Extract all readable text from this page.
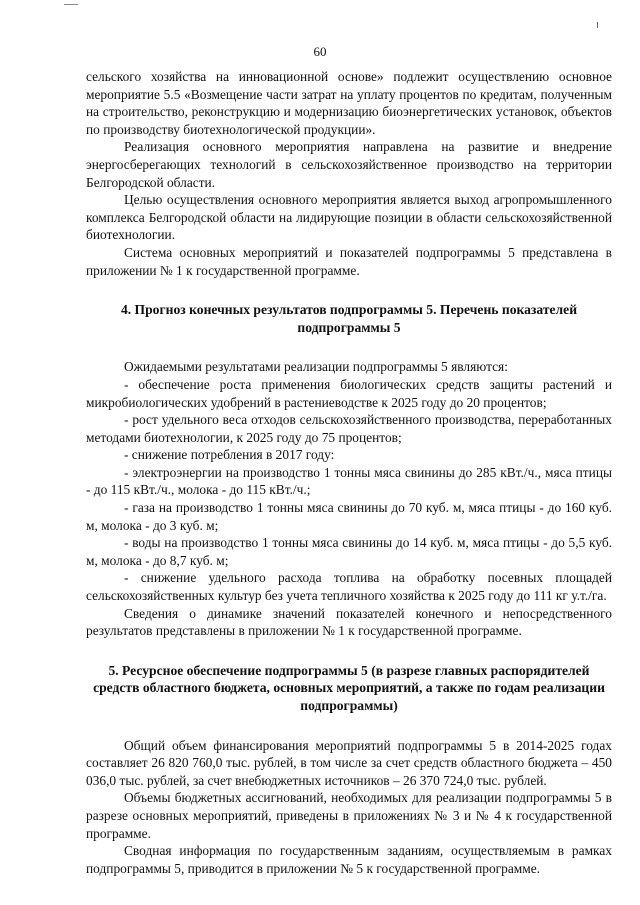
60

сельского хозяйства на инновационной основе» подлежит осуществлению основное мероприятие 5.5 «Возмещение части затрат на уплату процентов по кредитам, полученным на строительство, реконструкцию и модернизацию биоэнергетических установок, объектов по производству биотехнологической продукции».

Реализация основного мероприятия направлена на развитие и внедрение энергосберегающих технологий в сельскохозяйственное производство на территории Белгородской области.

Целью осуществления основного мероприятия является выход агропромышленного комплекса Белгородской области на лидирующие позиции в области сельскохозяйственной биотехнологии.

Система основных мероприятий и показателей подпрограммы 5 представлена в приложении № 1 к государственной программе.

4. Прогноз конечных результатов подпрограммы 5. Перечень показателей подпрограммы 5

Ожидаемыми результатами реализации подпрограммы 5 являются:

- обеспечение роста применения биологических средств защиты растений и микробиологических удобрений в растениеводстве к 2025 году до 20 процентов;

- рост удельного веса отходов сельскохозяйственного производства, переработанных методами биотехнологии, к 2025 году до 75 процентов;

- снижение потребления в 2017 году:

- электроэнергии на производство 1 тонны мяса свинины до 285 кВт./ч., мяса птицы - до 115 кВт./ч., молока - до 115 кВт./ч.;

- газа на производство 1 тонны мяса свинины до 70 куб. м, мяса птицы - до 160 куб. м, молока - до 3 куб. м;

- воды на производство 1 тонны мяса свинины до 14 куб. м, мяса птицы - до 5,5 куб. м, молока - до 8,7 куб. м;

- снижение удельного расхода топлива на обработку посевных площадей сельскохозяйственных культур без учета тепличного хозяйства к 2025 году до 111 кг у.т./га.

Сведения о динамике значений показателей конечного и непосредственного результатов представлены в приложении № 1 к государственной программе.

5. Ресурсное обеспечение подпрограммы 5 (в разрезе главных распорядителей средств областного бюджета, основных мероприятий, а также по годам реализации подпрограммы)

Общий объем финансирования мероприятий подпрограммы 5 в 2014-2025 годах составляет 26 820 760,0 тыс. рублей, в том числе за счет средств областного бюджета – 450 036,0 тыс. рублей, за счет внебюджетных источников – 26 370 724,0 тыс. рублей.

Объемы бюджетных ассигнований, необходимых для реализации подпрограммы 5 в разрезе основных мероприятий, приведены в приложениях № 3 и № 4 к государственной программе.

Сводная информация по государственным заданиям, осуществляемым в рамках подпрограммы 5, приводится в приложении № 5 к государственной программе.
